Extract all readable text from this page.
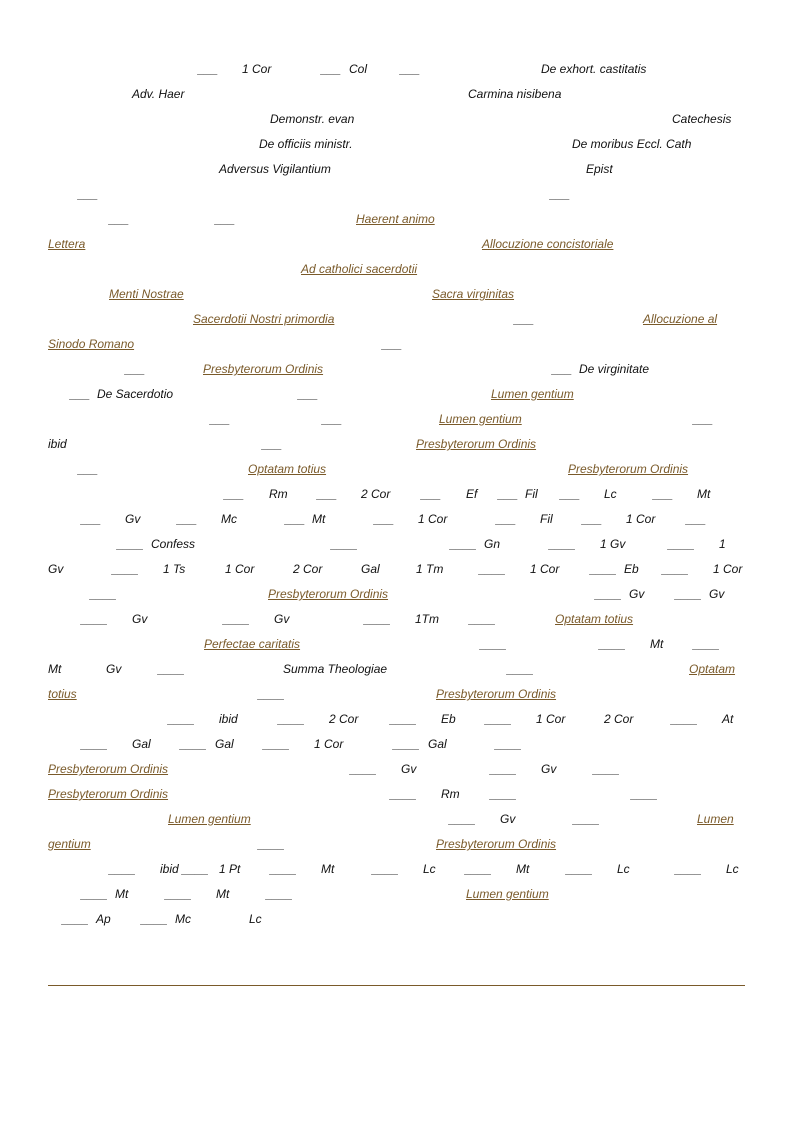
___ 1 Cor	___ Col	___	De exhort. castitatis
Adv. Haer	Carmina nisibena
Demonstr. evan	Catechesis
De officiis ministr.	De moribus Eccl. Cath
Adversus Vigilantium	Epist
___	___
___	___	Haerent animo
Lettera	Allocuzione concistoriale
Ad catholici sacerdotii
Menti Nostrae	Sacra virginitas
Sacerdotii Nostri primordia	___	Allocuzione al
Sinodo Romano	___
___	Presbyterorum Ordinis	___ De virginitate
___ De Sacerdotio	___	Lumen gentium
___	___	Lumen gentium	___
ibid	___	Presbyterorum Ordinis
___	Optatam totius	Presbyterorum Ordinis
___ Rm ___ 2 Cor	___ Ef ___ Fil ___ Lc	___ Mt
___ Gv	___ Mc	___ Mt	___ 1 Cor	___ Fil ___ 1 Cor	___
____ Confess	____	____ Gn	____ 1 Gv	____ 1
Gv	____ 1 Ts	1 Cor	2 Cor	Gal	1 Tm	____ 1 Cor	____ Eb ____ 1 Cor
____	Presbyterorum Ordinis	____ Gv	____ Gv
____ Gv	____ Gv	____ 1Tm	____	Optatam totius
Perfectae caritatis	____	____ Mt ____
Mt	Gv	____	Summa Theologiae	____	Optatam
totius	____	Presbyterorum Ordinis
____ ibid	____ 2 Cor	____ Eb ____ 1 Cor	2 Cor	____ At
____ Gal ____ Gal ____ 1 Cor	____ Gal	____
Presbyterorum Ordinis	____ Gv	____ Gv	____
Presbyterorum Ordinis	____ Rm	____	____
Lumen gentium	____ Gv	____	Lumen
gentium	____	Presbyterorum Ordinis
____ ibid ____ 1 Pt ____ Mt	____ Lc ____ Mt	____ Lc	____ Lc
____ Mt	____ Mt	____	Lumen gentium
____ Ap	____ Mc	Lc
